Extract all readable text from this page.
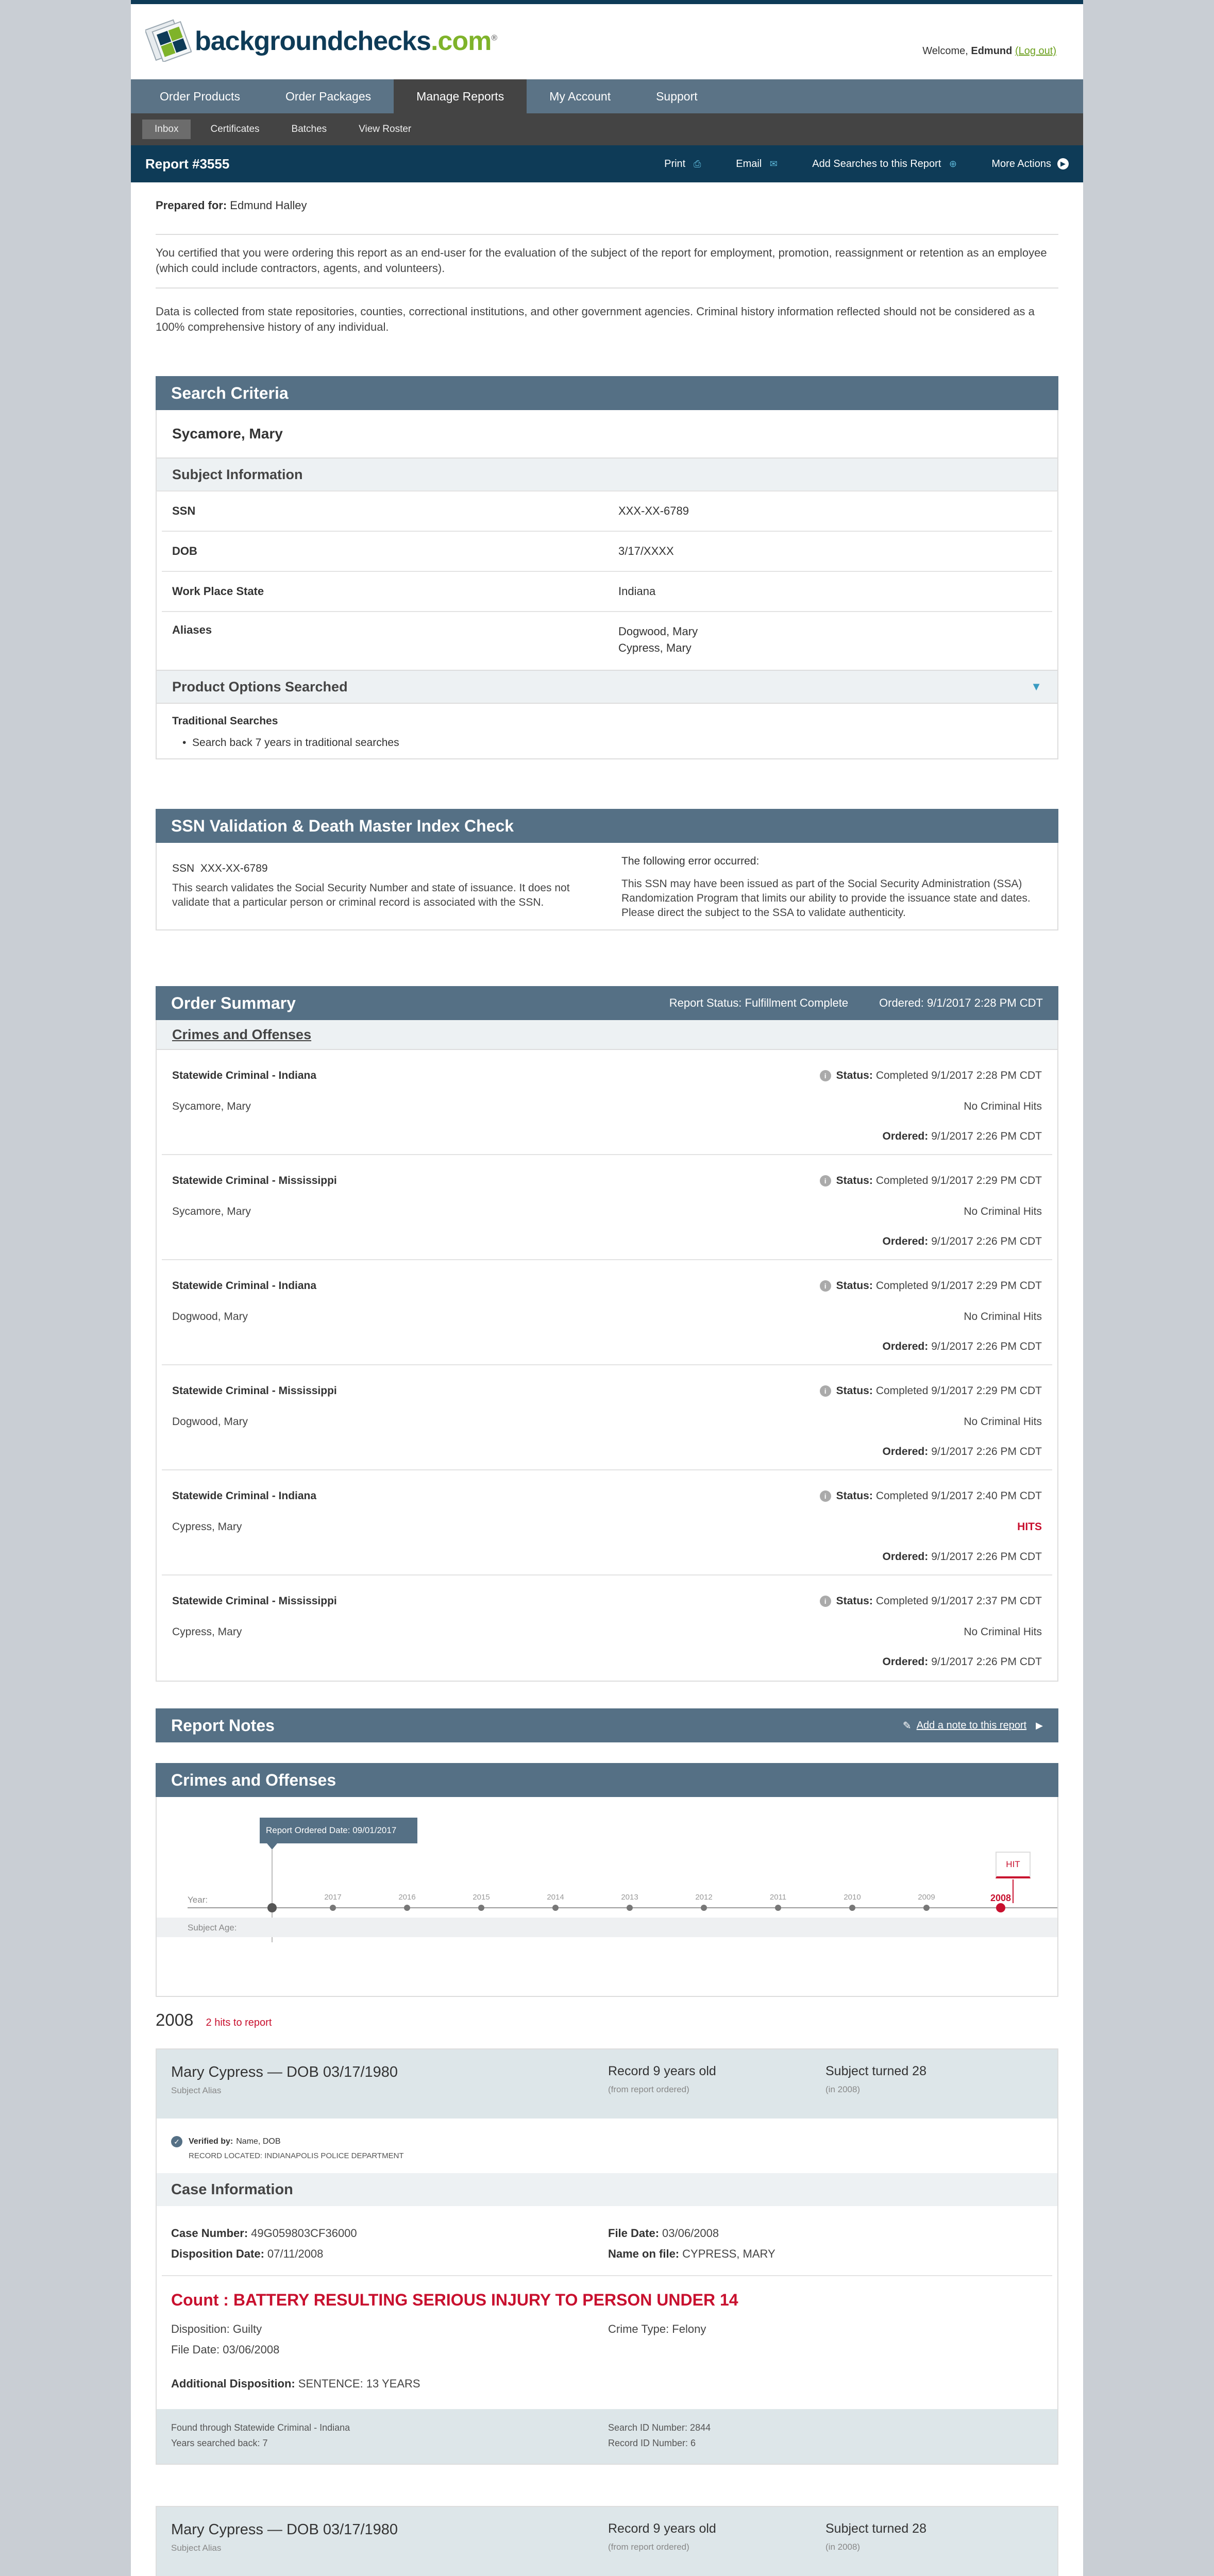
backgroundchecks.com®
Welcome, Edmund (Log out)
Order Products	Order Packages	Manage Reports	My Account	Support
Inbox	Certificates	Batches	View Roster
Report #3555	Print ⎙	Email ✉	Add Searches to this Report ⊕	More Actions	▶
Prepared for: Edmund Halley
You certified that you were ordering this report as an end-user for the evaluation of the subject of the report for employment, promotion, reassignment or retention as an employee (which could include contractors, agents, and volunteers).
Data is collected from state repositories, counties, correctional institutions, and other government agencies. Criminal history information reflected should not be considered as a 100% comprehensive history of any individual.
Search Criteria
Sycamore, Mary
Subject Information
SSN	XXX-XX-6789
DOB	3/17/XXXX
Work Place State	Indiana
Aliases	Dogwood, Mary
Cypress, Mary
Product Options Searched	▼
Traditional Searches
•  Search back 7 years in traditional searches
SSN Validation & Death Master Index Check
SSN XXX-XX-6789
This search validates the Social Security Number and state of issuance. It does not validate that a particular person or criminal record is associated with the SSN.
The following error occurred:
This SSN may have been issued as part of the Social Security Administration (SSA) Randomization Program that limits our ability to provide the issuance state and dates. Please direct the subject to the SSA to validate authenticity.
Order Summary	Report Status: Fulfillment Complete	Ordered: 9/1/2017 2:28 PM CDT
Crimes and Offenses
Statewide Criminal - Indiana
Sycamore, Mary
i Status: Completed 9/1/2017 2:28 PM CDT
No Criminal Hits
Ordered: 9/1/2017 2:26 PM CDT
Statewide Criminal - Mississippi
Sycamore, Mary
i Status: Completed 9/1/2017 2:29 PM CDT
No Criminal Hits
Ordered: 9/1/2017 2:26 PM CDT
Statewide Criminal - Indiana
Dogwood, Mary
i Status: Completed 9/1/2017 2:29 PM CDT
No Criminal Hits
Ordered: 9/1/2017 2:26 PM CDT
Statewide Criminal - Mississippi
Dogwood, Mary
i Status: Completed 9/1/2017 2:29 PM CDT
No Criminal Hits
Ordered: 9/1/2017 2:26 PM CDT
Statewide Criminal - Indiana
Cypress, Mary
i Status: Completed 9/1/2017 2:40 PM CDT
HITS
Ordered: 9/1/2017 2:26 PM CDT
Statewide Criminal - Mississippi
Cypress, Mary
i Status: Completed 9/1/2017 2:37 PM CDT
No Criminal Hits
Ordered: 9/1/2017 2:26 PM CDT
Report Notes	✎ Add a note to this report ▶
Crimes and Offenses
Report Ordered Date: 09/01/2017
HIT
Year:
Subject Age:
2017	2016	2015	2014	2013	2012	2011	2010	2009	2008
2008 2 hits to report
Mary Cypress — DOB 03/17/1980
Subject Alias
Record 9 years old
(from report ordered)
Subject turned 28
(in 2008)
✓	Verified by: Name, DOB
RECORD LOCATED: INDIANAPOLIS POLICE DEPARTMENT
Case Information
Case Number: 49G059803CF36000	File Date: 03/06/2008
Disposition Date: 07/11/2008	Name on file: CYPRESS, MARY
Count : BATTERY RESULTING SERIOUS INJURY TO PERSON UNDER 14
Disposition: Guilty	Crime Type: Felony
File Date: 03/06/2008
Additional Disposition: SENTENCE: 13 YEARS
Found through Statewide Criminal - Indiana
Years searched back: 7
Search ID Number: 2844
Record ID Number: 6
Mary Cypress — DOB 03/17/1980
Subject Alias
Record 9 years old
(from report ordered)
Subject turned 28
(in 2008)
